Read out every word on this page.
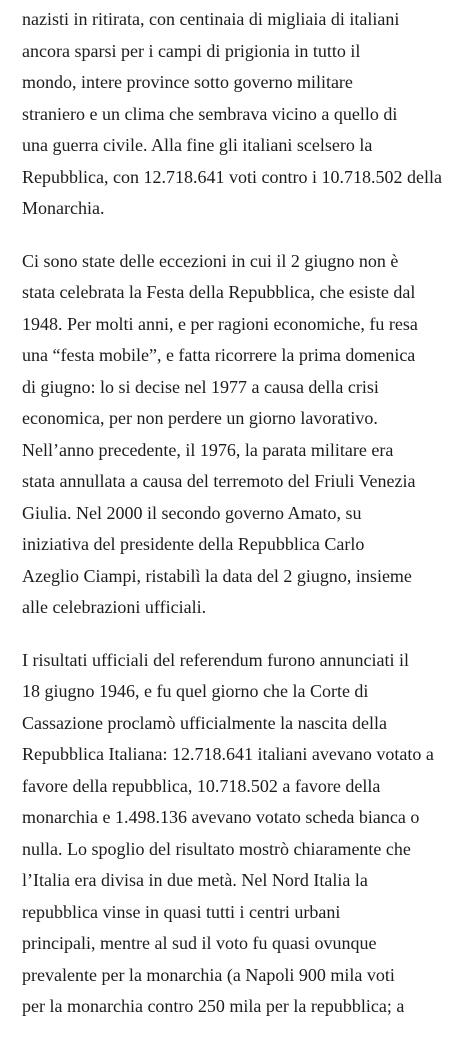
nazisti in ritirata, con centinaia di migliaia di italiani
ancora sparsi per i campi di prigionia in tutto il
mondo, intere province sotto governo militare
straniero e un clima che sembrava vicino a quello di
una guerra civile. Alla fine gli italiani scelsero la
Repubblica, con 12.718.641 voti contro i 10.718.502 della
Monarchia.

Ci sono state delle eccezioni in cui il 2 giugno non è
stata celebrata la Festa della Repubblica, che esiste dal
1948. Per molti anni, e per ragioni economiche, fu resa
una “festa mobile”, e fatta ricorrere la prima domenica
di giugno: lo si decise nel 1977 a causa della crisi
economica, per non perdere un giorno lavorativo.
Nell’anno precedente, il 1976, la parata militare era
stata annullata a causa del terremoto del Friuli Venezia
Giulia. Nel 2000 il secondo governo Amato, su
iniziativa del presidente della Repubblica Carlo
Azeglio Ciampi, ristabilì la data del 2 giugno, insieme
alle celebrazioni ufficiali.

I risultati ufficiali del referendum furono annunciati il
18 giugno 1946, e fu quel giorno che la Corte di
Cassazione proclamò ufficialmente la nascita della
Repubblica Italiana: 12.718.641 italiani avevano votato a
favore della repubblica, 10.718.502 a favore della
monarchia e 1.498.136 avevano votato scheda bianca o
nulla. Lo spoglio del risultato mostrò chiaramente che
l’Italia era divisa in due metà. Nel Nord Italia la
repubblica vinse in quasi tutti i centri urbani
principali, mentre al sud il voto fu quasi ovunque
prevalente per la monarchia (a Napoli 900 mila voti
per la monarchia contro 250 mila per la repubblica; a
